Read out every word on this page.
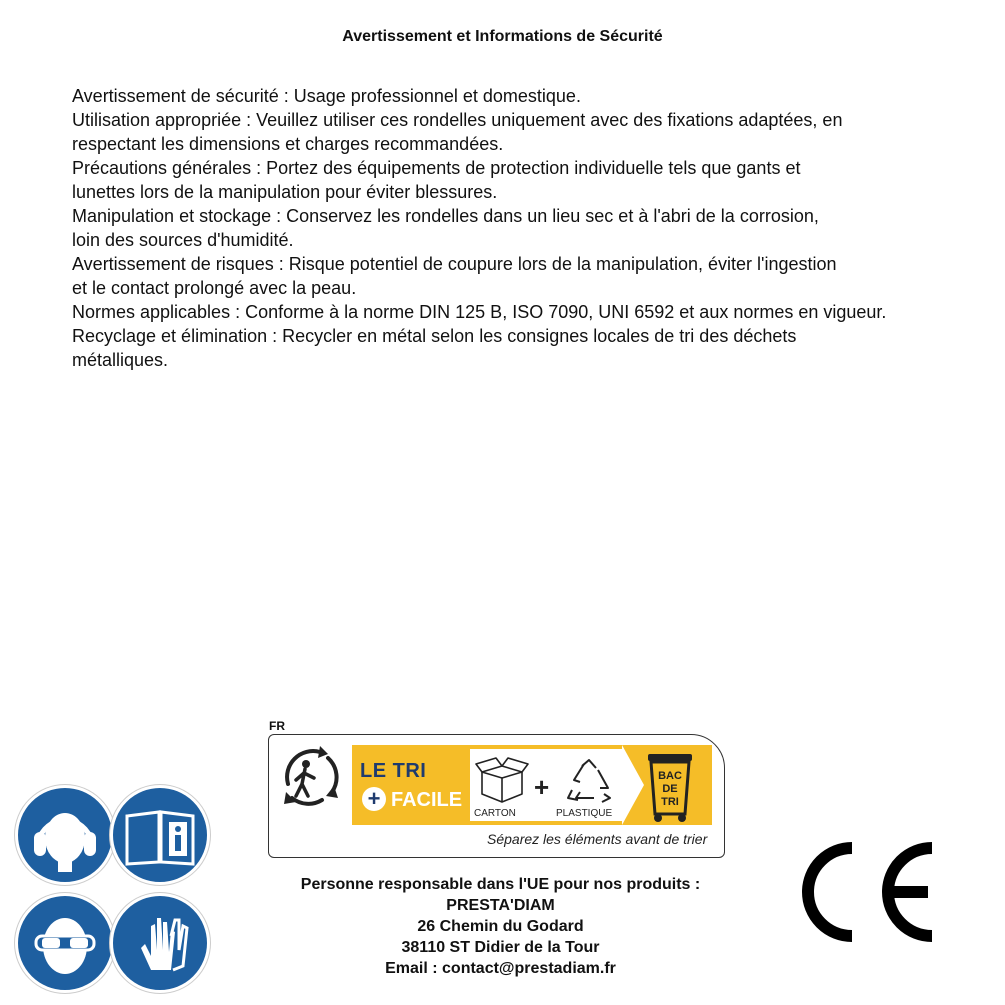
Avertissement et Informations de Sécurité
Avertissement de sécurité : Usage professionnel et domestique.
Utilisation appropriée : Veuillez utiliser ces rondelles uniquement avec des fixations adaptées, en
respectant les dimensions et charges recommandées.
Précautions générales : Portez des équipements de protection individuelle tels que gants et
lunettes lors de la manipulation pour éviter blessures.
Manipulation et stockage : Conservez les rondelles dans un lieu sec et à l'abri de la corrosion,
loin des sources d'humidité.
Avertissement de risques : Risque potentiel de coupure lors de la manipulation, éviter l'ingestion
et le contact prolongé avec la peau.
Normes applicables : Conforme à la norme DIN 125 B, ISO 7090, UNI 6592 et aux normes en vigueur.
Recyclage et élimination : Recycler en métal selon les consignes locales de tri des déchets
métalliques.
FR
LE TRI
+ FACILE
CARTON
+
PLASTIQUE
BAC
DE
TRI
Séparez les éléments avant de trier
Personne responsable dans l'UE pour nos produits :
PRESTA'DIAM
26 Chemin du Godard
38110 ST Didier de la Tour
Email : contact@prestadiam.fr
